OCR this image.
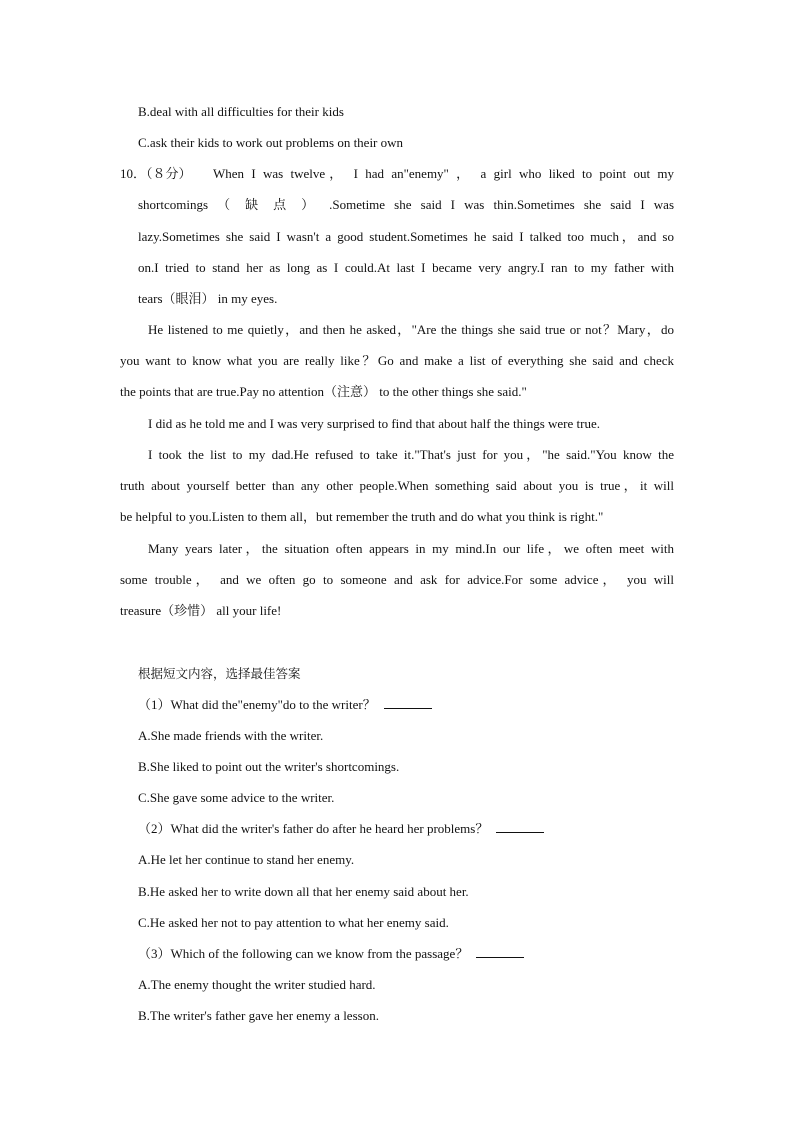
B.deal with all difficulties for their kids
C.ask their kids to work out problems on their own
10．（８分） When I was twelve， I had an"enemy" ， a girl who liked to point out my
shortcomings （ 缺 点 ） .Sometime she said I was thin.Sometimes she said I was
lazy.Sometimes she said I wasn't a good student.Sometimes he said I talked too much，and so
on.I tried to stand her as long as I could.At last I became very angry.I ran to my father with
tears（眼泪） in my eyes.
He listened to me quietly，and then he asked，"Are the things she said true or not？Mary，do
you want to know what you are really like？Go and make a list of everything she said and check
the points that are true.Pay no attention（注意） to the other things she said."
I did as he told me and I was very surprised to find that about half the things were true.
I took the list to my dad.He refused to take it."That's just for you，"he said."You know the
truth about yourself better than any other people.When something said about you is true，it will
be helpful to you.Listen to them all，but remember the truth and do what you think is right."
Many years later，the situation often appears in my mind.In our life，we often meet with
some trouble， and we often go to someone and ask for advice.For some advice， you will
treasure（珍惜） all your life!
根据短文内容，选择最佳答案
（1）What did the"enemy"do to the writer？
A.She made friends with the writer.
B.She liked to point out the writer's shortcomings.
C.She gave some advice to the writer.
（2）What did the writer's father do after he heard her problems？
A.He let her continue to stand her enemy.
B.He asked her to write down all that her enemy said about her.
C.He asked her not to pay attention to what her enemy said.
（3）Which of the following can we know from the passage？
A.The enemy thought the writer studied hard.
B.The writer's father gave her enemy a lesson.
